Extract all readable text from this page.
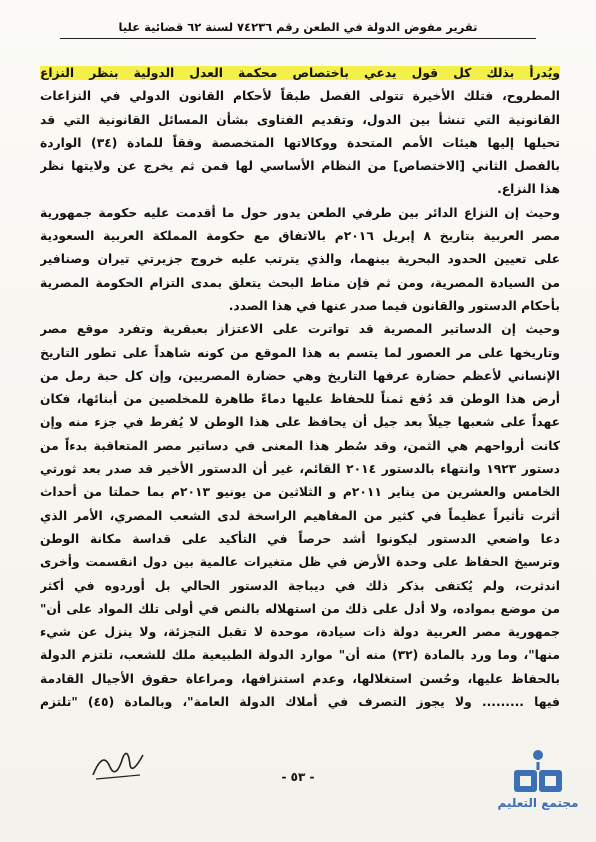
تقرير مفوض الدولة في الطعن رقم ٧٤٢٣٦ لسنة ٦٢ قضائية عليا
ويُدرأ بذلك كل قول يدعي باختصاص محكمة العدل الدولية بنظر النزاع
المطروح، فتلك الأخيرة تتولى الفصل طبقاً لأحكام القانون الدولي في النزاعات
القانونية التي تنشأ بين الدول، وتقديم الفتاوى بشأن المسائل القانونية التي قد
تحيلها إليها هيئات الأمم المتحدة ووكالاتها المتخصصة وفقاً للمادة (٣٤) الواردة
بالفصل الثاني [الاختصاص] من النظام الأساسي لها فمن ثم يخرج عن ولايتها نظر
هذا النزاع.
وحيث إن النزاع الدائر بين طرفي الطعن يدور حول ما أقدمت عليه حكومة جمهورية
مصر العربية بتاريخ ٨ إبريل ٢٠١٦م بالاتفاق مع حكومة المملكة العربية السعودية
على تعيين الحدود البحرية بينهما، والذي يترتب عليه خروج جزيرتي تيران وصنافير
من السيادة المصرية، ومن ثم فإن مناط البحث يتعلق بمدى التزام الحكومة المصرية
بأحكام الدستور والقانون فيما صدر عنها في هذا الصدد.
وحيث إن الدساتير المصرية قد تواترت على الاعتزاز بعبقرية وتفرد موقع مصر
وتاريخها على مر العصور لما يتسم به هذا الموقع من كونه شاهداً على تطور التاريخ
الإنساني لأعظم حضارة عرفها التاريخ وهي حضارة المصريين، وإن كل حبة رمل من
أرض هذا الوطن قد دُفع ثمناً للحفاظ عليها دماءً طاهرة للمخلصين من أبنائها، فكان
عهداً على شعبها جيلاً بعد جيل أن يحافظ على هذا الوطن لا يُفرط في جزء منه وإن
كانت أرواحهم هي الثمن، وقد سُطر هذا المعنى في دساتير مصر المتعاقبة بدءاً من
دستور ١٩٢٣ وانتهاء بالدستور ٢٠١٤ القائم، غير أن الدستور الأخير قد صدر بعد ثورتي
الخامس والعشرين من يناير ٢٠١١م و الثلاثين من يونيو ٢٠١٣م بما حملتا من أحداث
أثرت تأثيراً عظيماً في كثير من المفاهيم الراسخة لدى الشعب المصري، الأمر الذي
دعا واضعي الدستور ليكونوا أشد حرصاً في التأكيد على قداسة مكانة الوطن
وترسيخ الحفاظ على وحدة الأرض في ظل متغيرات عالمية بين دول انقسمت وأخرى
اندثرت، ولم يُكتفى بذكر ذلك في ديباجة الدستور الحالي بل أوردوه في أكثر
من موضع بمواده، ولا أدل على ذلك من استهلاله بالنص في أولى تلك المواد على أن"
جمهورية مصر العربية دولة ذات سيادة، موحدة لا تقبل التجزئة، ولا ينزل عن شيء
منها"، وما ورد بالمادة (٣٢) منه أن" موارد الدولة الطبيعية ملك للشعب، تلتزم الدولة
بالحفاظ عليها، وحُسن استغلالها، وعدم استنزافها، ومراعاة حقوق الأجيال القادمة
فيها ......... ولا يجوز التصرف في أملاك الدولة العامة"، وبالمادة (٤٥) "تلتزم
- ٥٣ -
مجتمع التعليم
